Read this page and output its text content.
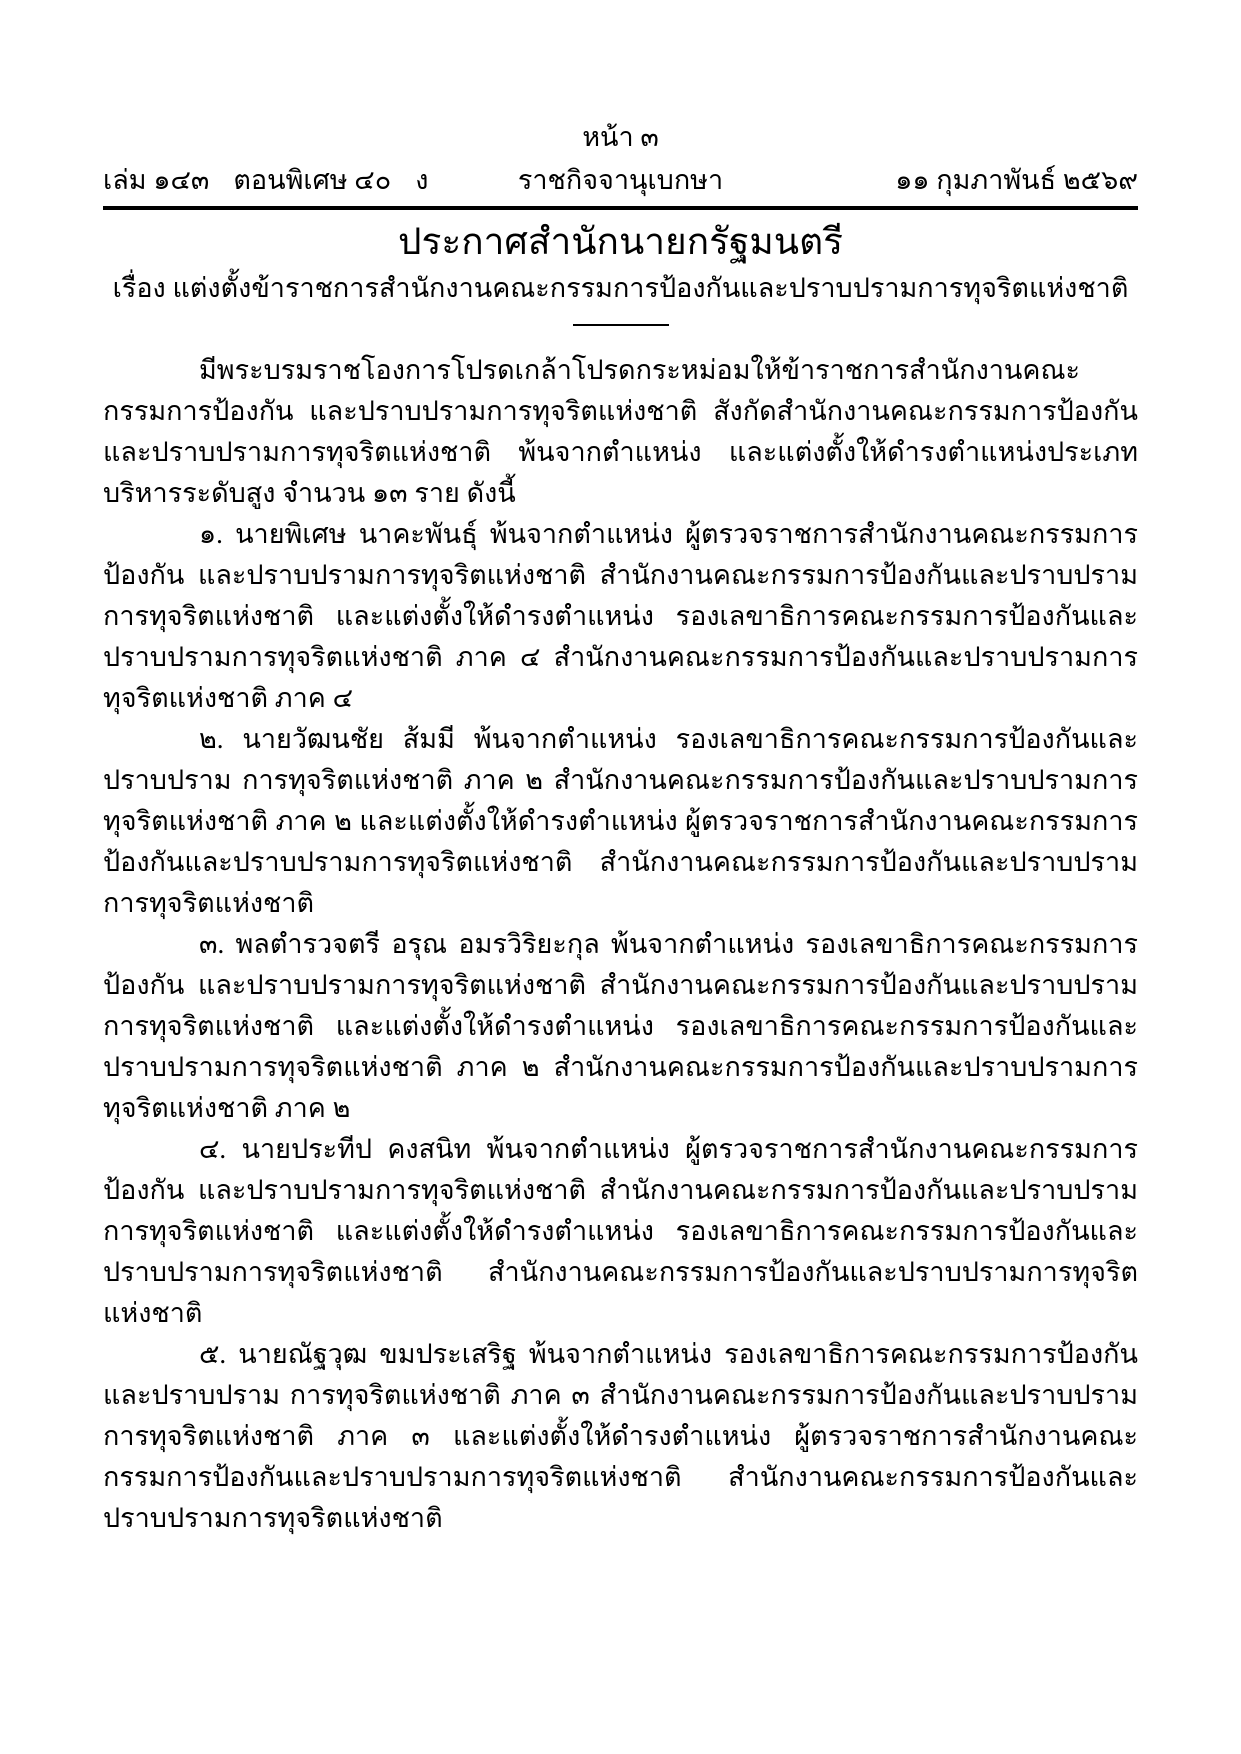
หน้า ๓
เล่ม ๑๔๓ ตอนพิเศษ ๔๐ ง	ราชกิจจานุเบกษา	๑๑ กุมภาพันธ์ ๒๕๖๙
ประกาศสำนักนายกรัฐมนตรี
เรื่อง แต่งตั้งข้าราชการสำนักงานคณะกรรมการป้องกันและปราบปรามการทุจริตแห่งชาติ

มีพระบรมราชโองการโปรดเกล้าโปรดกระหม่อมให้ข้าราชการสำนักงานคณะกรรมการป้องกัน และปราบปรามการทุจริตแห่งชาติ สังกัดสำนักงานคณะกรรมการป้องกันและปราบปรามการทุจริตแห่งชาติ พ้นจากตำแหน่ง และแต่งตั้งให้ดำรงตำแหน่งประเภทบริหารระดับสูง จำนวน ๑๓ ราย ดังนี้

๑. นายพิเศษ นาคะพันธุ์ พ้นจากตำแหน่ง ผู้ตรวจราชการสำนักงานคณะกรรมการป้องกัน และปราบปรามการทุจริตแห่งชาติ สำนักงานคณะกรรมการป้องกันและปราบปรามการทุจริตแห่งชาติ และแต่งตั้งให้ดำรงตำแหน่ง รองเลขาธิการคณะกรรมการป้องกันและปราบปรามการทุจริตแห่งชาติ ภาค ๔ สำนักงานคณะกรรมการป้องกันและปราบปรามการทุจริตแห่งชาติ ภาค ๔

๒. นายวัฒนชัย ส้มมี พ้นจากตำแหน่ง รองเลขาธิการคณะกรรมการป้องกันและปราบปราม การทุจริตแห่งชาติ ภาค ๒ สำนักงานคณะกรรมการป้องกันและปราบปรามการทุจริตแห่งชาติ ภาค ๒ และแต่งตั้งให้ดำรงตำแหน่ง ผู้ตรวจราชการสำนักงานคณะกรรมการป้องกันและปราบปรามการทุจริตแห่งชาติ สำนักงานคณะกรรมการป้องกันและปราบปรามการทุจริตแห่งชาติ

๓. พลตำรวจตรี อรุณ อมรวิริยะกุล พ้นจากตำแหน่ง รองเลขาธิการคณะกรรมการป้องกัน และปราบปรามการทุจริตแห่งชาติ สำนักงานคณะกรรมการป้องกันและปราบปรามการทุจริตแห่งชาติ และแต่งตั้งให้ดำรงตำแหน่ง รองเลขาธิการคณะกรรมการป้องกันและปราบปรามการทุจริตแห่งชาติ ภาค ๒ สำนักงานคณะกรรมการป้องกันและปราบปรามการทุจริตแห่งชาติ ภาค ๒

๔. นายประทีป คงสนิท พ้นจากตำแหน่ง ผู้ตรวจราชการสำนักงานคณะกรรมการป้องกัน และปราบปรามการทุจริตแห่งชาติ สำนักงานคณะกรรมการป้องกันและปราบปรามการทุจริตแห่งชาติ และแต่งตั้งให้ดำรงตำแหน่ง รองเลขาธิการคณะกรรมการป้องกันและปราบปรามการทุจริตแห่งชาติ สำนักงานคณะกรรมการป้องกันและปราบปรามการทุจริตแห่งชาติ

๕. นายณัฐวุฒ ขมประเสริฐ พ้นจากตำแหน่ง รองเลขาธิการคณะกรรมการป้องกันและปราบปราม การทุจริตแห่งชาติ ภาค ๓ สำนักงานคณะกรรมการป้องกันและปราบปรามการทุจริตแห่งชาติ ภาค ๓ และแต่งตั้งให้ดำรงตำแหน่ง ผู้ตรวจราชการสำนักงานคณะกรรมการป้องกันและปราบปรามการทุจริตแห่งชาติ สำนักงานคณะกรรมการป้องกันและปราบปรามการทุจริตแห่งชาติ
